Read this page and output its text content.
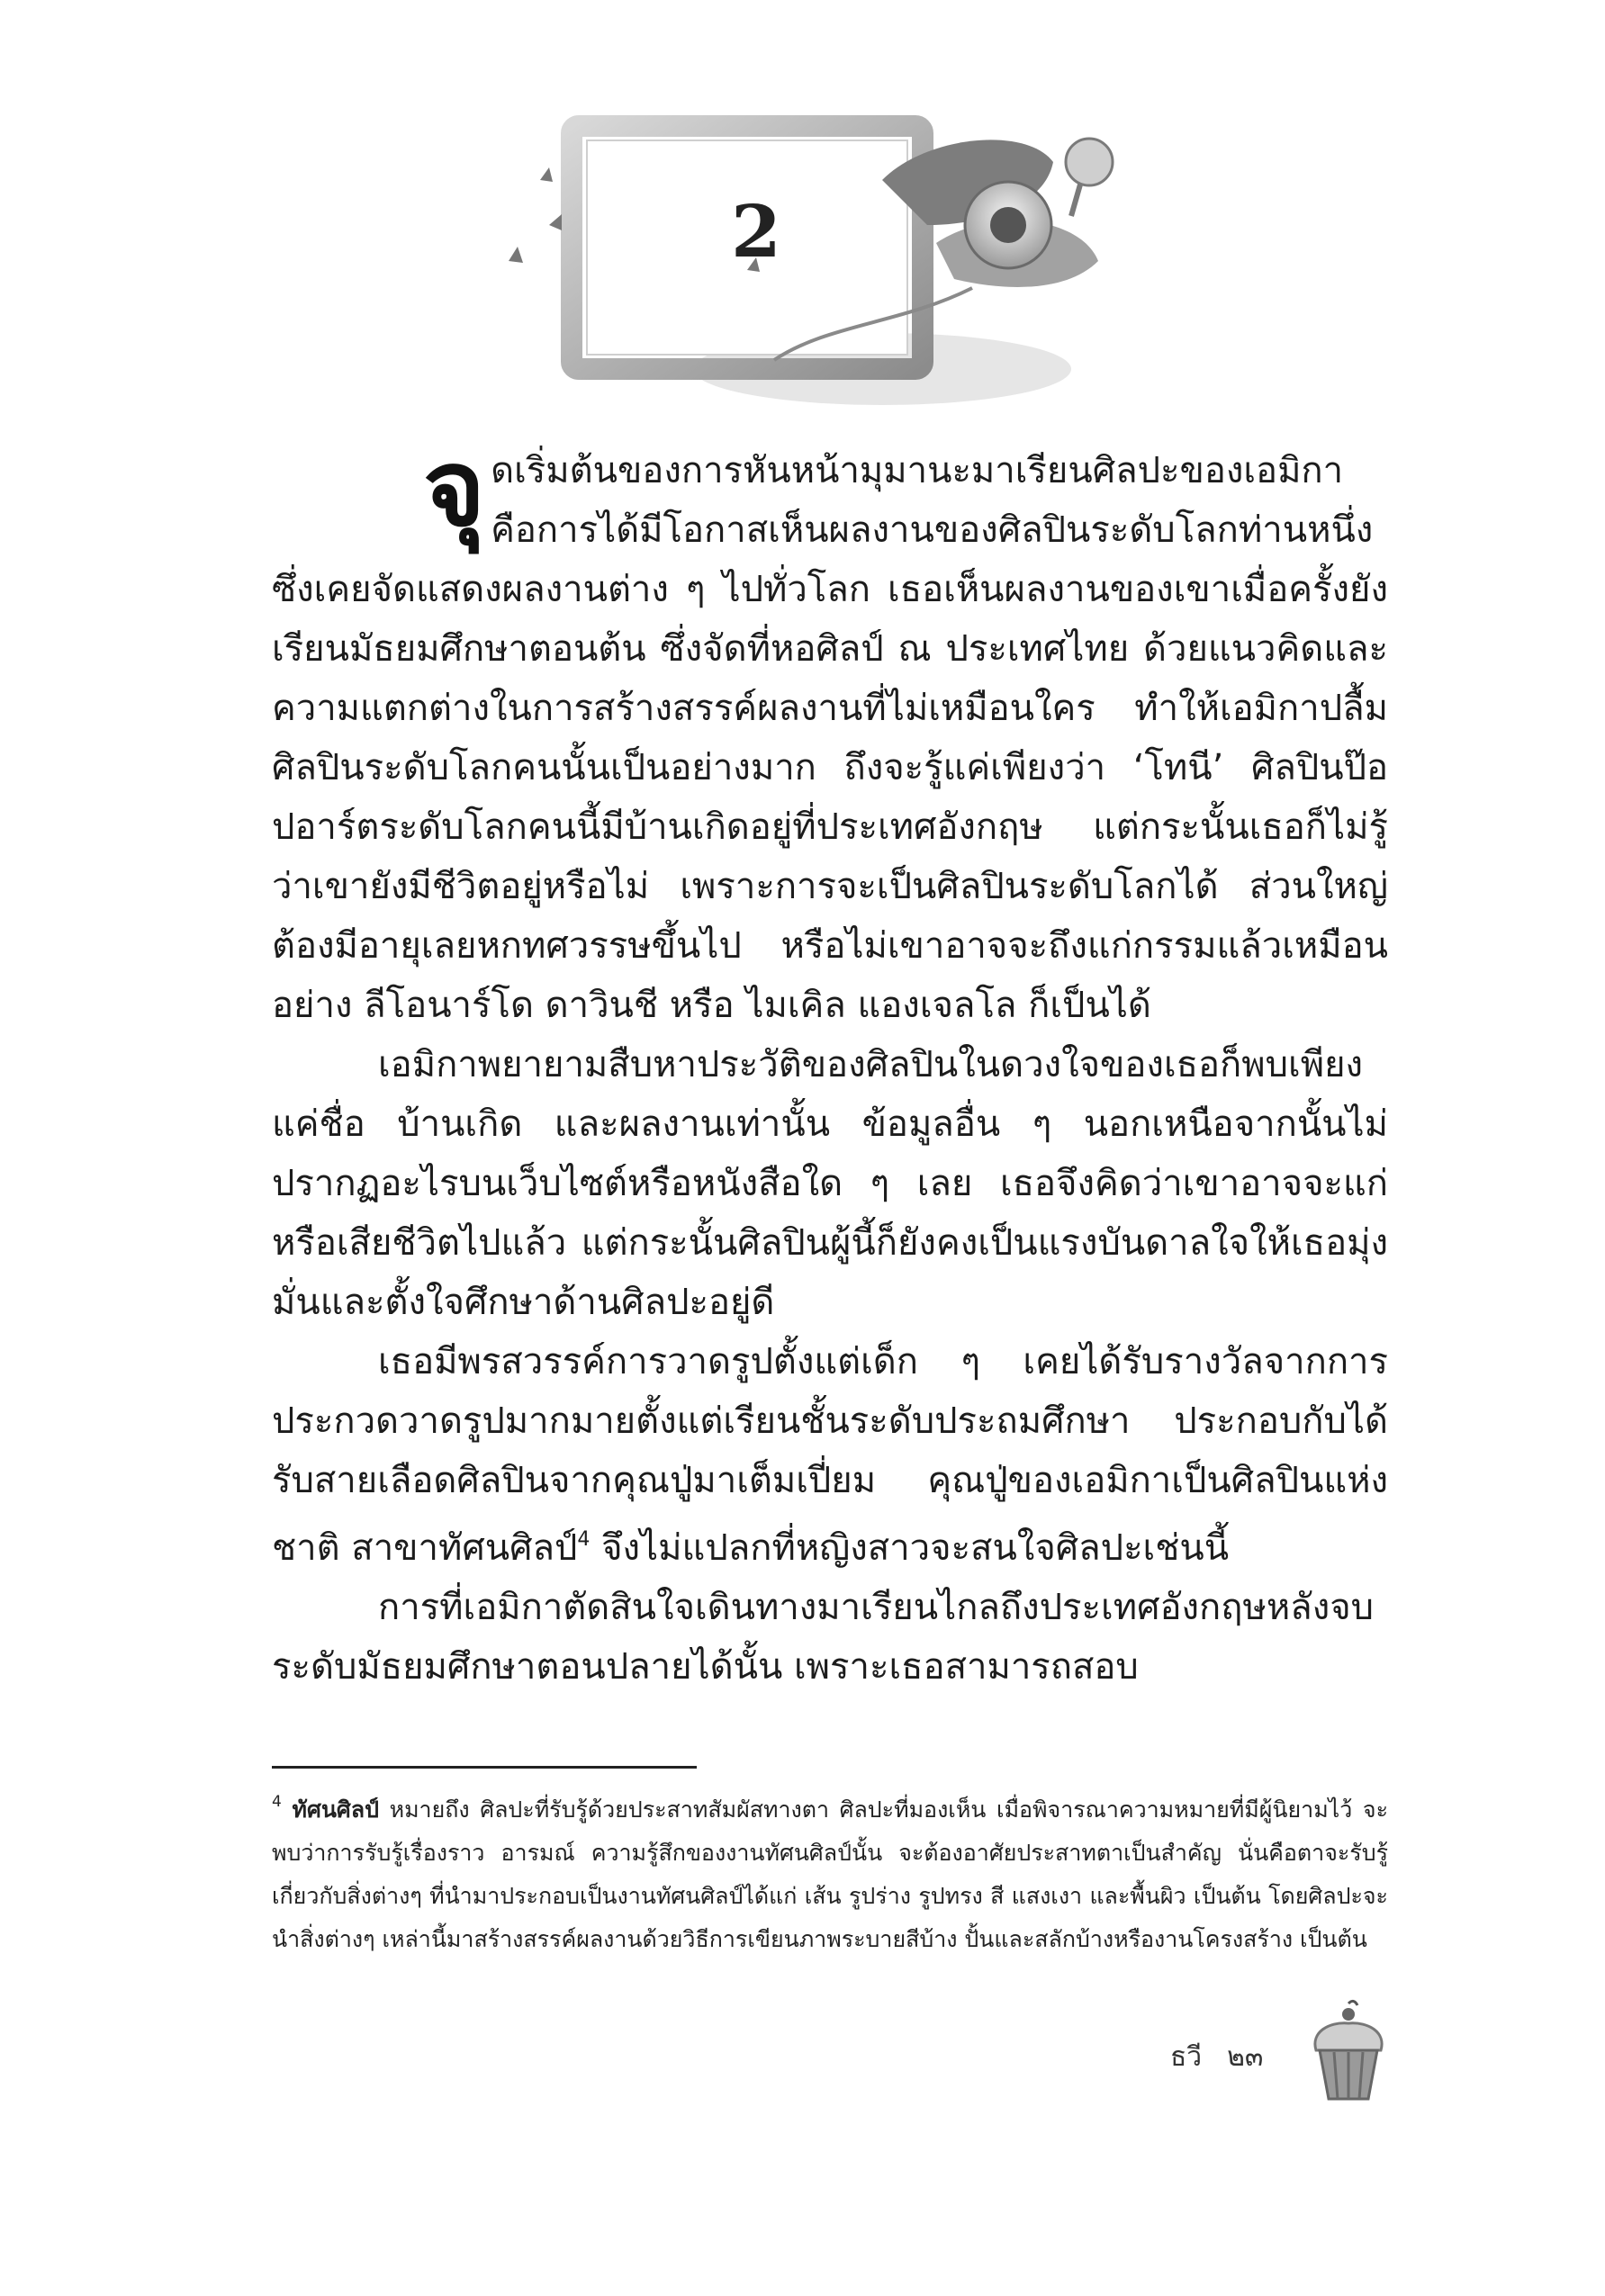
2

จุดเริ่มต้นของการหันหน้ามุมานะมาเรียนศิลปะของเอมิกาคือการได้มีโอกาสเห็นผลงานของศิลปินระดับโลกท่านหนึ่งซึ่งเคยจัดแสดงผลงานต่าง ๆ ไปทั่วโลก เธอเห็นผลงานของเขาเมื่อครั้งยังเรียนมัธยมศึกษาตอนต้น ซึ่งจัดที่หอศิลป์ ณ ประเทศไทย ด้วยแนวคิดและความแตกต่างในการสร้างสรรค์ผลงานที่ไม่เหมือนใคร ทำให้เอมิกาปลื้มศิลปินระดับโลกคนนั้นเป็นอย่างมาก ถึงจะรู้แค่เพียงว่า ‘โทนี’ ศิลปินป๊อปอาร์ตระดับโลกคนนี้มีบ้านเกิดอยู่ที่ประเทศอังกฤษ แต่กระนั้นเธอก็ไม่รู้ว่าเขายังมีชีวิตอยู่หรือไม่ เพราะการจะเป็นศิลปินระดับโลกได้ ส่วนใหญ่ต้องมีอายุเลยหกทศวรรษขึ้นไป หรือไม่เขาอาจจะถึงแก่กรรมแล้วเหมือนอย่าง ลีโอนาร์โด ดาวินชี หรือ ไมเคิล แองเจลโล ก็เป็นได้

เอมิกาพยายามสืบหาประวัติของศิลปินในดวงใจของเธอก็พบเพียงแค่ชื่อ บ้านเกิด และผลงานเท่านั้น ข้อมูลอื่น ๆ นอกเหนือจากนั้นไม่ปรากฏอะไรบนเว็บไซต์หรือหนังสือใด ๆ เลย เธอจึงคิดว่าเขาอาจจะแก่หรือเสียชีวิตไปแล้ว แต่กระนั้นศิลปินผู้นี้ก็ยังคงเป็นแรงบันดาลใจให้เธอมุ่งมั่นและตั้งใจศึกษาด้านศิลปะอยู่ดี

เธอมีพรสวรรค์การวาดรูปตั้งแต่เด็ก ๆ เคยได้รับรางวัลจากการประกวดวาดรูปมากมายตั้งแต่เรียนชั้นระดับประถมศึกษา ประกอบกับได้รับสายเลือดศิลปินจากคุณปู่มาเต็มเปี่ยม คุณปู่ของเอมิกาเป็นศิลปินแห่งชาติ สาขาทัศนศิลป์$^4$ จึงไม่แปลกที่หญิงสาวจะสนใจศิลปะเช่นนี้

การที่เอมิกาตัดสินใจเดินทางมาเรียนไกลถึงประเทศอังกฤษหลังจบระดับมัธยมศึกษาตอนปลายได้นั้น เพราะเธอสามารถสอบ

$^4$ ทัศนศิลป์ หมายถึง ศิลปะที่รับรู้ด้วยประสาทสัมผัสทางตา ศิลปะที่มองเห็น เมื่อพิจารณาความหมายที่มีผู้นิยามไว้ จะพบว่าการรับรู้เรื่องราว อารมณ์ ความรู้สึกของงานทัศนศิลป์นั้น จะต้องอาศัยประสาทตาเป็นสำคัญ นั่นคือตาจะรับรู้เกี่ยวกับสิ่งต่างๆ ที่นำมาประกอบเป็นงานทัศนศิลป์ได้แก่ เส้น รูปร่าง รูปทรง สี แสงเงา และพื้นผิว เป็นต้น โดยศิลปะจะนำสิ่งต่างๆ เหล่านี้มาสร้างสรรค์ผลงานด้วยวิธีการเขียนภาพระบายสีบ้าง ปั้นและสลักบ้างหรืองานโครงสร้าง เป็นต้น
ธวี ๒๓
